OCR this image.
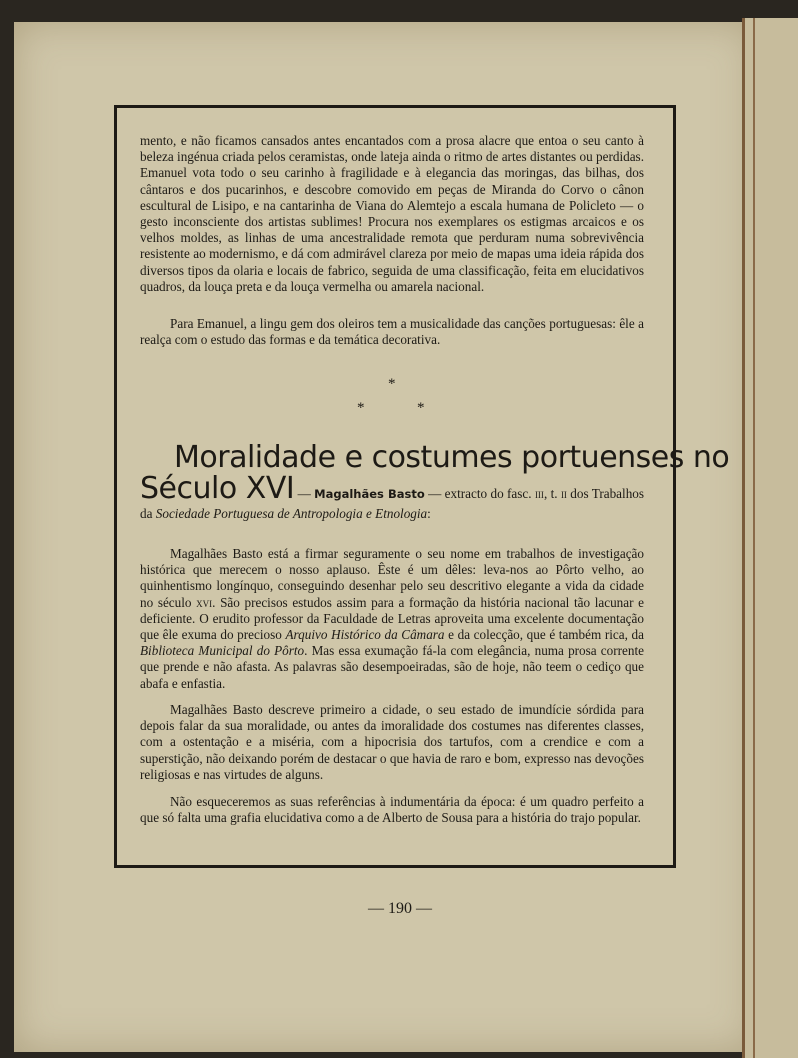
mento, e não ficamos cansados antes encantados com a prosa alacre que entoa o seu canto à beleza ingénua criada pelos ceramistas, onde lateja ainda o ritmo de artes distantes ou perdidas. Emanuel vota todo o seu carinho à fragilidade e à elegancia das moringas, das bilhas, dos cântaros e dos pucarinhos, e descobre comovido em peças de Miranda do Corvo o cânon escultural de Lisipo, e na cantarinha de Viana do Alemtejo a escala humana de Policleto — o gesto inconsciente dos artistas sublimes! Procura nos exemplares os estigmas arcaicos e os velhos moldes, as linhas de uma ancestralidade remota que perduram numa sobrevivência resistente ao modernismo, e dá com admirável clareza por meio de mapas uma ideia rápida dos diversos tipos da olaria e locais de fabrico, seguida de uma classificação, feita em elucidativos quadros, da louça preta e da louça vermelha ou amarela nacional.
Para Emanuel, a lingu gem dos oleiros tem a musicalidade das canções portuguesas: êle a realça com o estudo das formas e da temática decorativa.
*
*	*
Moralidade e costumes portuenses no
Século XVI — Magalhães Basto — extracto do fasc. iii, t. ii dos Trabalhos da Sociedade Portuguesa de Antropologia e Etnologia:
Magalhães Basto está a firmar seguramente o seu nome em trabalhos de investigação histórica que merecem o nosso aplauso. Êste é um dêles: leva-nos ao Pôrto velho, ao quinhentismo longínquo, conseguindo desenhar pelo seu descritivo elegante a vida da cidade no século xvi. São precisos estudos assim para a formação da história nacional tão lacunar e deficiente. O erudito professor da Faculdade de Letras aproveita uma excelente documentação que êle exuma do precioso Arquivo Histórico da Câmara e da colecção, que é também rica, da Biblioteca Municipal do Pôrto. Mas essa exumação fá-la com elegância, numa prosa corrente que prende e não afasta. As palavras são desempoeiradas, são de hoje, não teem o cediço que abafa e enfastia.
Magalhães Basto descreve primeiro a cidade, o seu estado de imundície sórdida para depois falar da sua moralidade, ou antes da imoralidade dos costumes nas diferentes classes, com a ostentação e a miséria, com a hipocrisia dos tartufos, com a crendice e com a superstição, não deixando porém de destacar o que havia de raro e bom, expresso nas devoções religiosas e nas virtudes de alguns.
Não esqueceremos as suas referências à indumentária da época: é um quadro perfeito a que só falta uma grafia elucidativa como a de Alberto de Sousa para a história do trajo popular.
— 190 —
